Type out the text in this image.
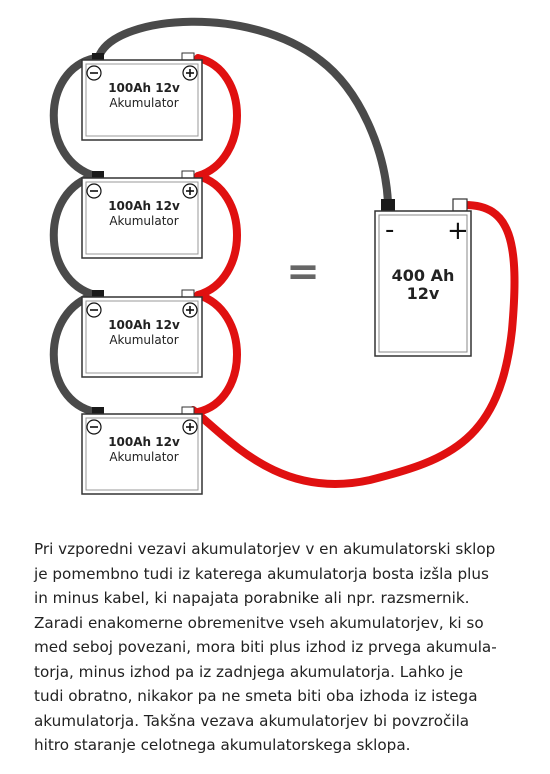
100Ah 12v
Akumulator
100Ah 12v
Akumulator
100Ah 12v
Akumulator
100Ah 12v
Akumulator
=
- +
400 Ah
12v
Pri vzporedni vezavi akumulatorjev v en akumulatorski sklop
je pomembno tudi iz katerega akumulatorja bosta izšla plus
in minus kabel, ki napajata porabnike ali npr. razsmernik.
Zaradi enakomerne obremenitve vseh akumulatorjev, ki so
med seboj povezani, mora biti plus izhod iz prvega akumula-
torja, minus izhod pa iz zadnjega akumulatorja. Lahko je
tudi obratno, nikakor pa ne smeta biti oba izhoda iz istega
akumulatorja. Takšna vezava akumulatorjev bi povzročila
hitro staranje celotnega akumulatorskega sklopa.
